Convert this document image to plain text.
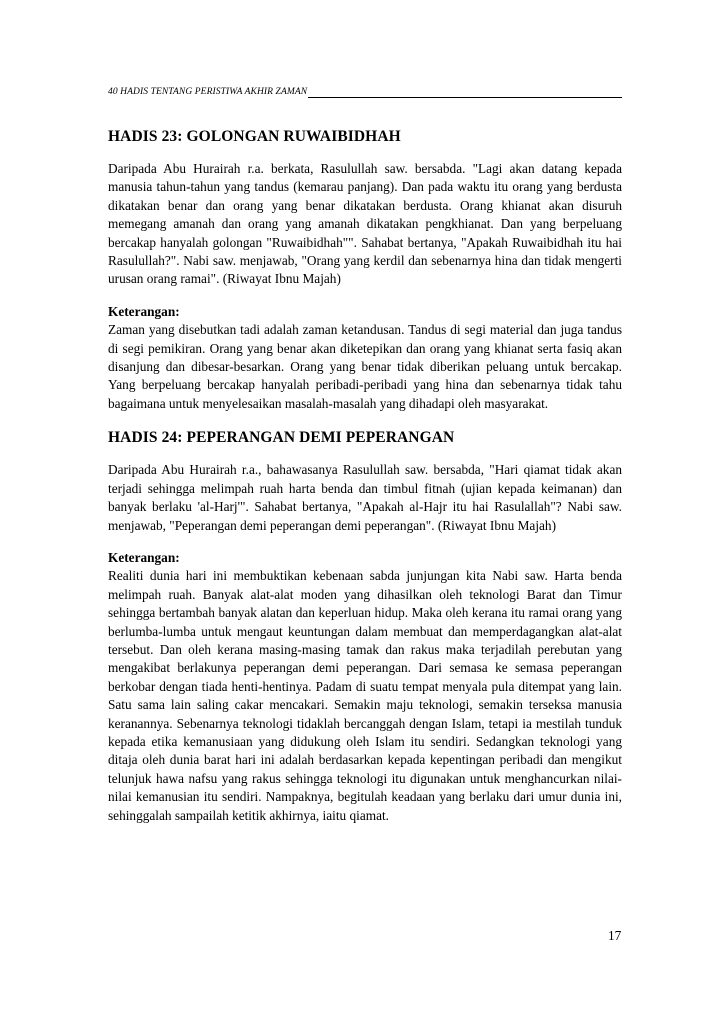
40 HADIS TENTANG PERISTIWA AKHIR ZAMAN
HADIS 23: GOLONGAN RUWAIBIDHAH

Daripada Abu Hurairah r.a. berkata, Rasulullah saw. bersabda. "Lagi akan datang kepada manusia tahun-tahun yang tandus (kemarau panjang). Dan pada waktu itu orang yang berdusta dikatakan benar dan orang yang benar dikatakan berdusta. Orang khianat akan disuruh memegang amanah dan orang yang amanah dikatakan pengkhianat. Dan yang berpeluang bercakap hanyalah golongan "Ruwaibidhah"". Sahabat bertanya, "Apakah Ruwaibidhah itu hai Rasulullah?". Nabi saw. menjawab, "Orang yang kerdil dan sebenarnya hina dan tidak mengerti urusan orang ramai". (Riwayat Ibnu Majah)

Keterangan:

Zaman yang disebutkan tadi adalah zaman ketandusan. Tandus di segi material dan juga tandus di segi pemikiran. Orang yang benar akan diketepikan dan orang yang khianat serta fasiq akan disanjung dan dibesar-besarkan. Orang yang benar tidak diberikan peluang untuk bercakap. Yang berpeluang bercakap hanyalah peribadi-peribadi yang hina dan sebenarnya tidak tahu bagaimana untuk menyelesaikan masalah-masalah yang dihadapi oleh masyarakat.

HADIS 24: PEPERANGAN DEMI PEPERANGAN

Daripada Abu Hurairah r.a., bahawasanya Rasulullah saw. bersabda, "Hari qiamat tidak akan terjadi sehingga melimpah ruah harta benda dan timbul fitnah (ujian kepada keimanan) dan banyak berlaku 'al-Harj'". Sahabat bertanya, "Apakah al-Hajr itu hai Rasulallah"? Nabi saw. menjawab, "Peperangan demi peperangan demi peperangan". (Riwayat Ibnu Majah)

Keterangan:

Realiti dunia hari ini membuktikan kebenaan sabda junjungan kita Nabi saw. Harta benda melimpah ruah. Banyak alat-alat moden yang dihasilkan oleh teknologi Barat dan Timur sehingga bertambah banyak alatan dan keperluan hidup. Maka oleh kerana itu ramai orang yang berlumba-lumba untuk mengaut keuntungan dalam membuat dan memperdagangkan alat-alat tersebut. Dan oleh kerana masing-masing tamak dan rakus maka terjadilah perebutan yang mengakibat berlakunya peperangan demi peperangan. Dari semasa ke semasa peperangan berkobar dengan tiada henti-hentinya. Padam di suatu tempat menyala pula ditempat yang lain. Satu sama lain saling cakar mencakari. Semakin maju teknologi, semakin terseksa manusia keranannya. Sebenarnya teknologi tidaklah bercanggah dengan Islam, tetapi ia mestilah tunduk kepada etika kemanusiaan yang didukung oleh Islam itu sendiri. Sedangkan teknologi yang ditaja oleh dunia barat hari ini adalah berdasarkan kepada kepentingan peribadi dan mengikut telunjuk hawa nafsu yang rakus sehingga teknologi itu digunakan untuk menghancurkan nilai-nilai kemanusian itu sendiri. Nampaknya, begitulah keadaan yang berlaku dari umur dunia ini, sehinggalah sampailah ketitik akhirnya, iaitu qiamat.

17
